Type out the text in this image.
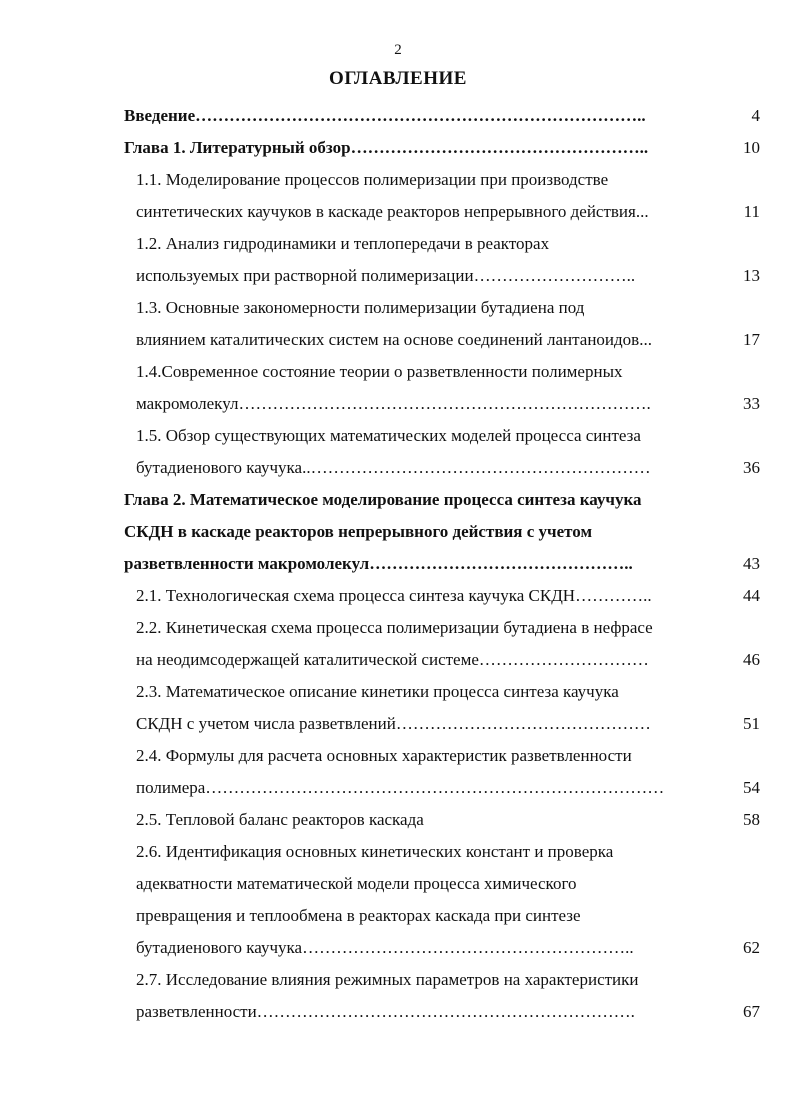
2
ОГЛАВЛЕНИЕ
Введение……………………………………………………………………..	4
Глава 1. Литературный обзор……………………………………………..	10
1.1. Моделирование процессов полимеризации при производстве
синтетических каучуков в каскаде реакторов непрерывного действия...	11
1.2. Анализ гидродинамики и теплопередачи в реакторах
используемых при растворной полимеризации………………………..	13
1.3. Основные закономерности полимеризации бутадиена под
влиянием каталитических систем на основе соединений лантаноидов...	17
1.4.Современное состояние теории о разветвленности полимерных
макромолекул……………………………………………………………….	33
1.5. Обзор существующих математических моделей процесса синтеза
бутадиенового каучука..……………………………………………………	36
Глава 2. Математическое моделирование процесса синтеза каучука
СКДН в каскаде реакторов непрерывного действия с учетом
разветвленности макромолекул………………………………………..	43
2.1. Технологическая схема процесса синтеза каучука СКДН…………..	44
2.2. Кинетическая схема процесса полимеризации бутадиена в нефрасе
на неодимсодержащей каталитической системе…………………………	46
2.3. Математическое описание кинетики процесса синтеза каучука
СКДН с учетом числа разветвлений………………………………………	51
2.4. Формулы для расчета основных характеристик разветвленности
полимера………………………………………………………………………	54
2.5. Тепловой баланс реакторов каскада	58
2.6. Идентификация основных кинетических констант и проверка
адекватности математической модели процесса химического
превращения и теплообмена в реакторах каскада при синтезе
бутадиенового каучука…………………………………………………..	62
2.7. Исследование влияния режимных параметров на характеристики
разветвленности………………………………………………………….	67
